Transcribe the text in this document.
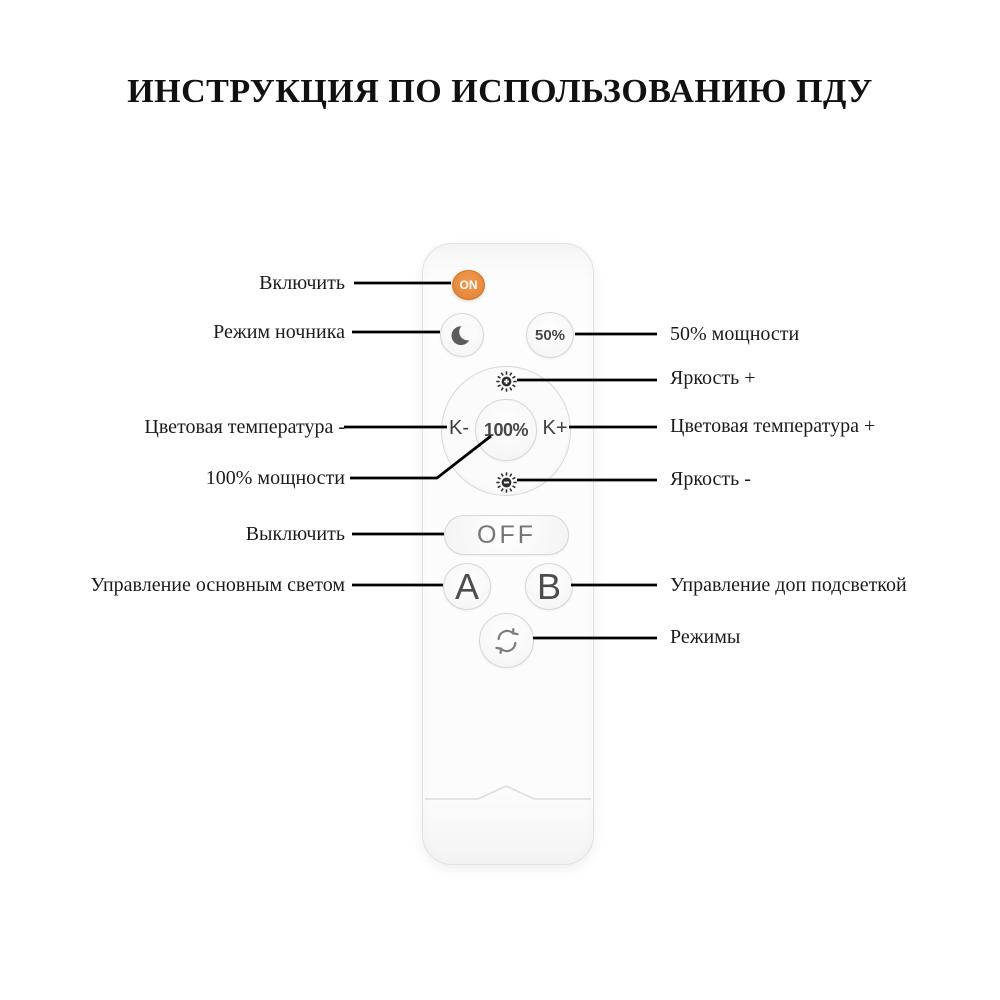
ИНСТРУКЦИЯ ПО ИСПОЛЬЗОВАНИЮ ПДУ
ON
50%
K- 100% K+
OFF
A	B
Включить
Режим ночника
Цветовая температура -
100% мощности
Выключить
Управление основным светом
50% мощности
Яркость +
Цветовая температура +
Яркость -
Управление доп подсветкой
Режимы
